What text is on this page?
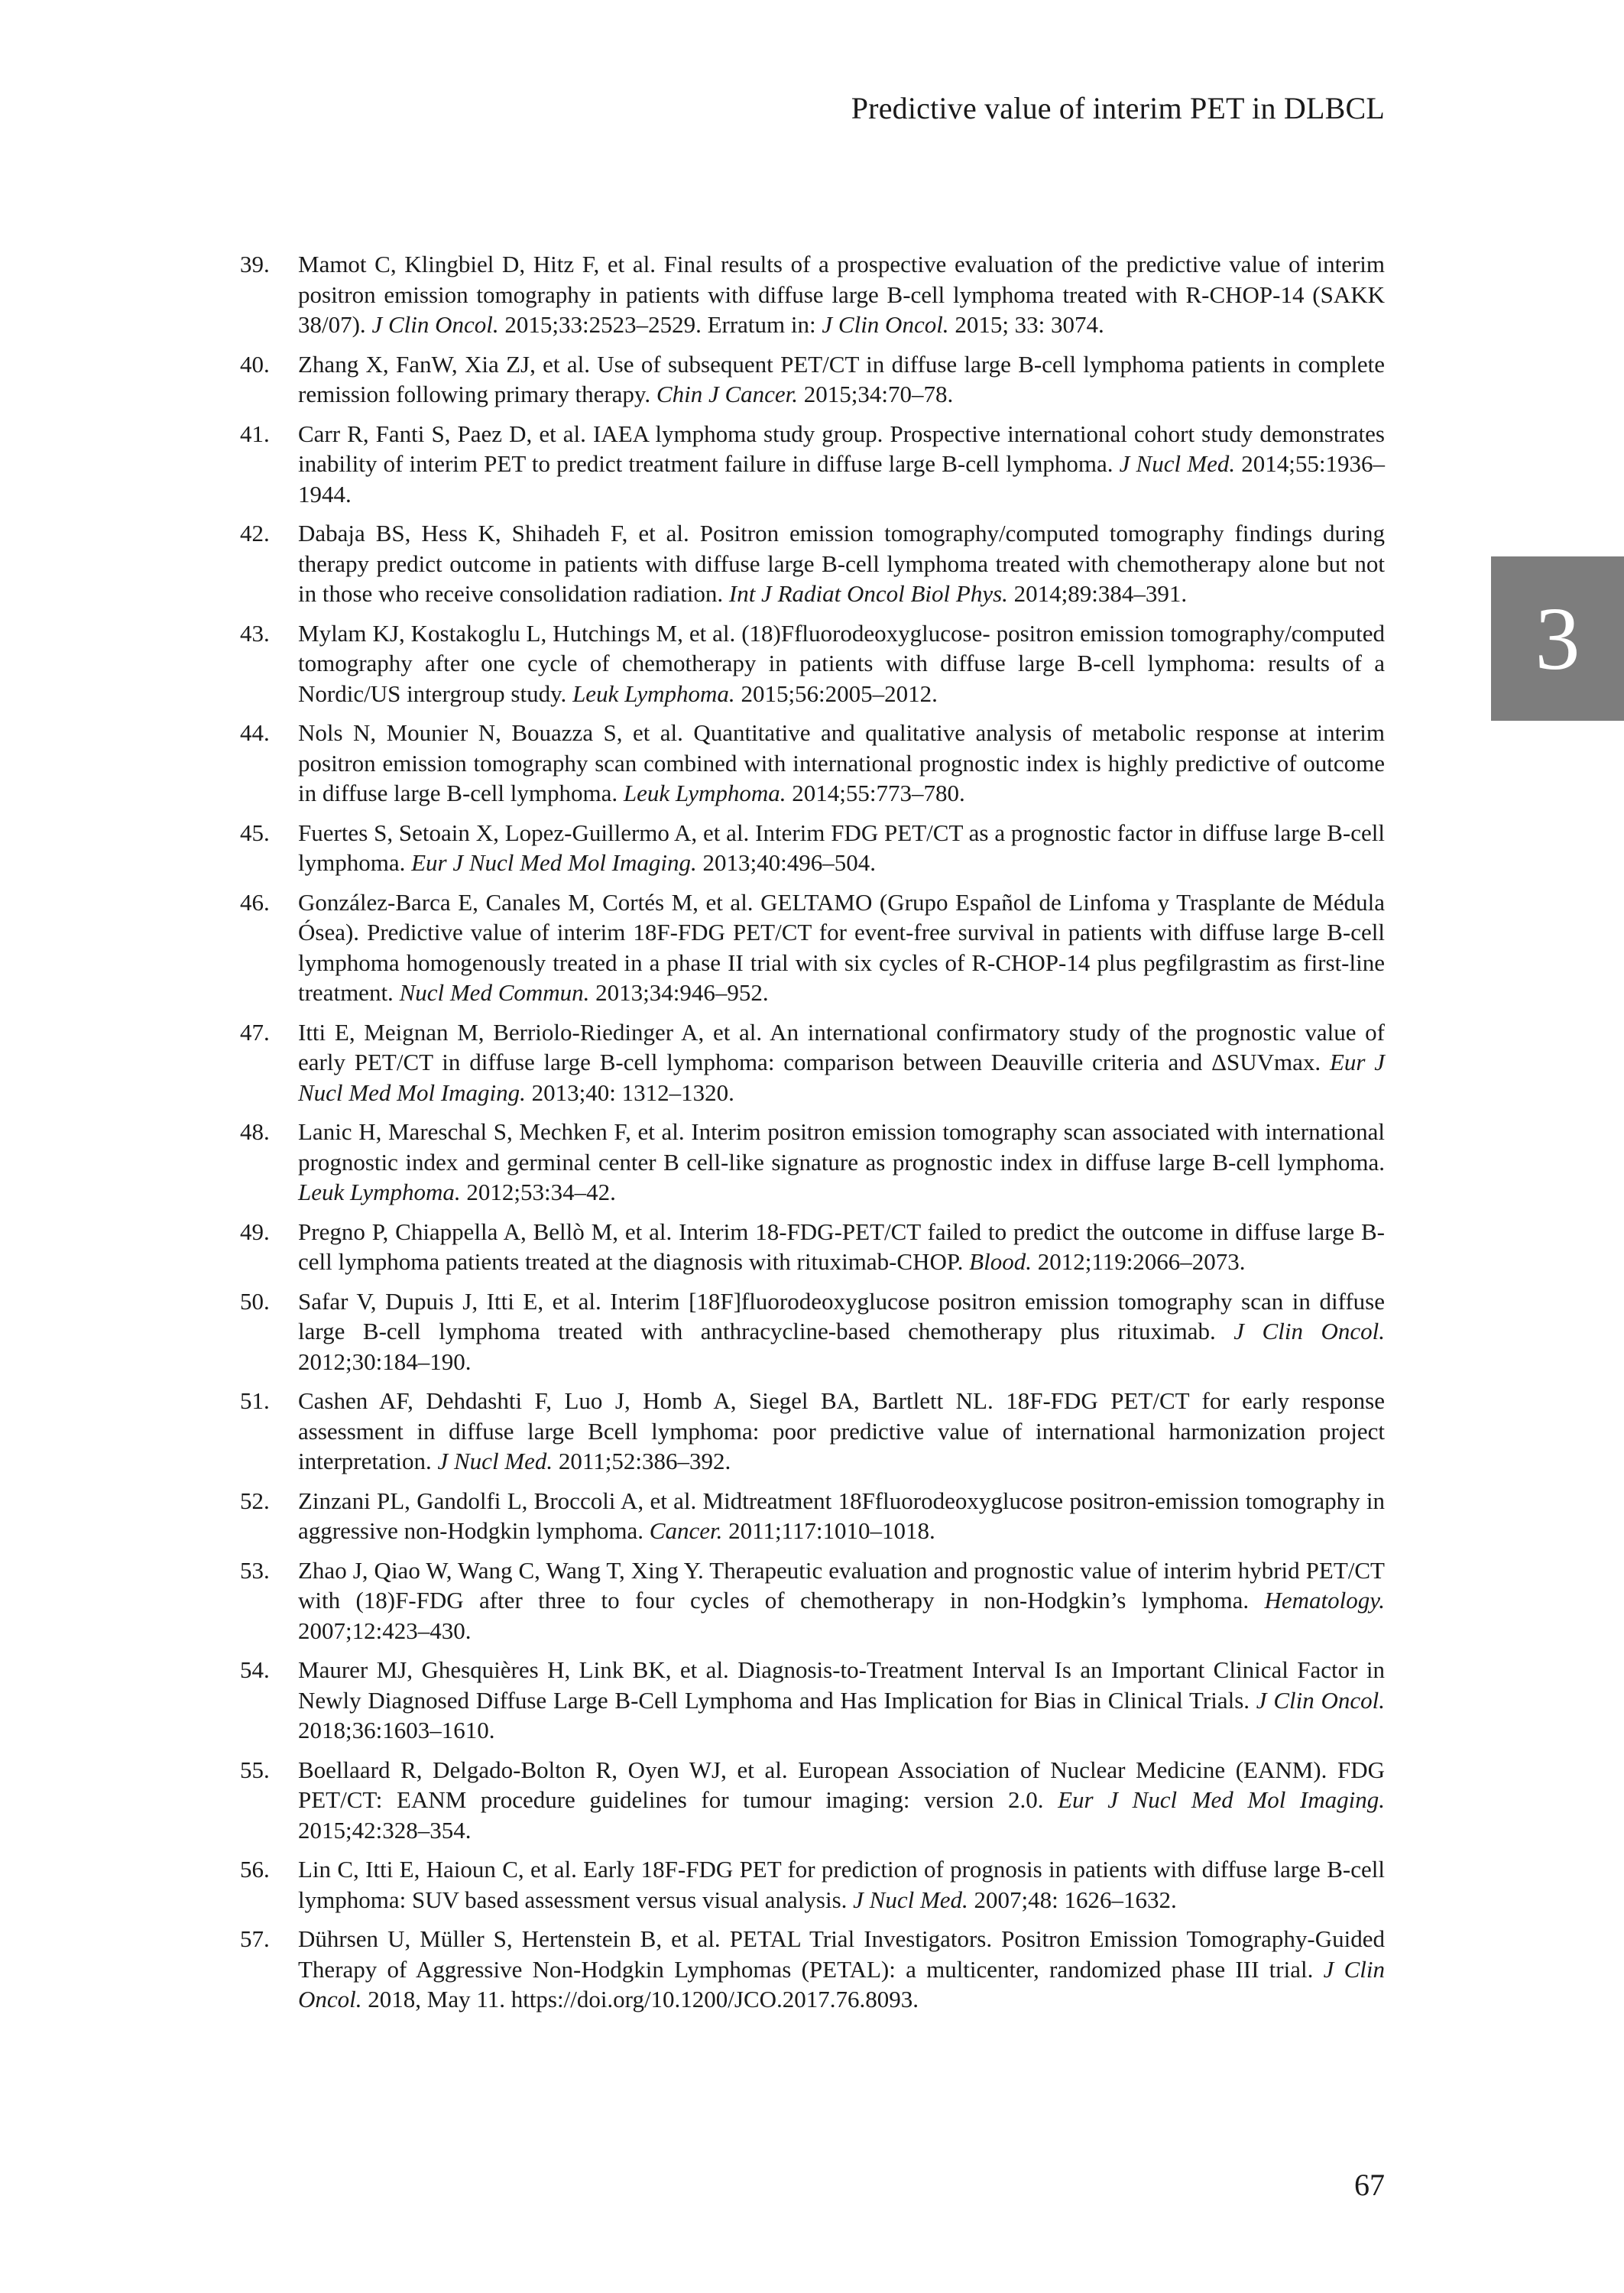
Predictive value of interim PET in DLBCL
3
39.	Mamot C, Klingbiel D, Hitz F, et al. Final results of a prospective evaluation of the predictive value of interim positron emission tomography in patients with diffuse large B-cell lymphoma treated with R-CHOP-14 (SAKK 38/07). J Clin Oncol. 2015;33:2523–2529. Erratum in: J Clin Oncol. 2015; 33: 3074.
40.	Zhang X, FanW, Xia ZJ, et al. Use of subsequent PET/CT in diffuse large B-cell lymphoma patients in complete remission following primary therapy. Chin J Cancer. 2015;34:70–78.
41.	Carr R, Fanti S, Paez D, et al. IAEA lymphoma study group. Prospective international cohort study demonstrates inability of interim PET to predict treatment failure in diffuse large B-cell lymphoma. J Nucl Med. 2014;55:1936–1944.
42.	Dabaja BS, Hess K, Shihadeh F, et al. Positron emission tomography/computed tomography findings during therapy predict outcome in patients with diffuse large B-cell lymphoma treated with chemotherapy alone but not in those who receive consolidation radiation. Int J Radiat Oncol Biol Phys. 2014;89:384–391.
43.	Mylam KJ, Kostakoglu L, Hutchings M, et al. (18)Ffluorodeoxyglucose- positron emission tomography/computed tomography after one cycle of chemotherapy in patients with diffuse large B-cell lymphoma: results of a Nordic/US intergroup study. Leuk Lymphoma. 2015;56:2005–2012.
44.	Nols N, Mounier N, Bouazza S, et al. Quantitative and qualitative analysis of metabolic response at interim positron emission tomography scan combined with international prognostic index is highly predictive of outcome in diffuse large B-cell lymphoma. Leuk Lymphoma. 2014;55:773–780.
45.	Fuertes S, Setoain X, Lopez-Guillermo A, et al. Interim FDG PET/CT as a prognostic factor in diffuse large B-cell lymphoma. Eur J Nucl Med Mol Imaging. 2013;40:496–504.
46.	González-Barca E, Canales M, Cortés M, et al. GELTAMO (Grupo Español de Linfoma y Trasplante de Médula Ósea). Predictive value of interim 18F-FDG PET/CT for event-free survival in patients with diffuse large B-cell lymphoma homogenously treated in a phase II trial with six cycles of R-CHOP-14 plus pegfilgrastim as first-line treatment. Nucl Med Commun. 2013;34:946–952.
47.	Itti E, Meignan M, Berriolo-Riedinger A, et al. An international confirmatory study of the prognostic value of early PET/CT in diffuse large B-cell lymphoma: comparison between Deauville criteria and ΔSUVmax. Eur J Nucl Med Mol Imaging. 2013;40: 1312–1320.
48.	Lanic H, Mareschal S, Mechken F, et al. Interim positron emission tomography scan associated with international prognostic index and germinal center B cell-like signature as prognostic index in diffuse large B-cell lymphoma. Leuk Lymphoma. 2012;53:34–42.
49.	Pregno P, Chiappella A, Bellò M, et al. Interim 18-FDG-PET/CT failed to predict the outcome in diffuse large B-cell lymphoma patients treated at the diagnosis with rituximab-CHOP. Blood. 2012;119:2066–2073.
50.	Safar V, Dupuis J, Itti E, et al. Interim [18F]fluorodeoxyglucose positron emission tomography scan in diffuse large B-cell lymphoma treated with anthracycline-based chemotherapy plus rituximab. J Clin Oncol. 2012;30:184–190.
51.	Cashen AF, Dehdashti F, Luo J, Homb A, Siegel BA, Bartlett NL. 18F-FDG PET/CT for early response assessment in diffuse large Bcell lymphoma: poor predictive value of international harmonization project interpretation. J Nucl Med. 2011;52:386–392.
52.	Zinzani PL, Gandolfi L, Broccoli A, et al. Midtreatment 18Ffluorodeoxyglucose positron-emission tomography in aggressive non-Hodgkin lymphoma. Cancer. 2011;117:1010–1018.
53.	Zhao J, Qiao W, Wang C, Wang T, Xing Y. Therapeutic evaluation and prognostic value of interim hybrid PET/CT with (18)F-FDG after three to four cycles of chemotherapy in non-Hodgkin’s lymphoma. Hematology. 2007;12:423–430.
54.	Maurer MJ, Ghesquières H, Link BK, et al. Diagnosis-to-Treatment Interval Is an Important Clinical Factor in Newly Diagnosed Diffuse Large B-Cell Lymphoma and Has Implication for Bias in Clinical Trials. J Clin Oncol. 2018;36:1603–1610.
55.	Boellaard R, Delgado-Bolton R, Oyen WJ, et al. European Association of Nuclear Medicine (EANM). FDG PET/CT: EANM procedure guidelines for tumour imaging: version 2.0. Eur J Nucl Med Mol Imaging. 2015;42:328–354.
56.	Lin C, Itti E, Haioun C, et al. Early 18F-FDG PET for prediction of prognosis in patients with diffuse large B-cell lymphoma: SUV based assessment versus visual analysis. J Nucl Med. 2007;48: 1626–1632.
57.	Dührsen U, Müller S, Hertenstein B, et al. PETAL Trial Investigators. Positron Emission Tomography-Guided Therapy of Aggressive Non-Hodgkin Lymphomas (PETAL): a multicenter, randomized phase III trial. J Clin Oncol. 2018, May 11. https://doi.org/10.1200/JCO.2017.76.8093.
67
